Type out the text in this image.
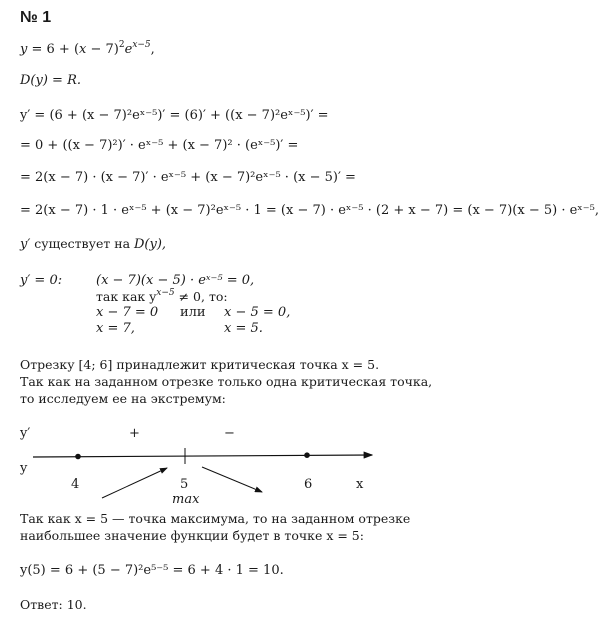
№ 1
$y = 6 + (x - 7)^2e^{x-5}$,
D(y) = R.
y′ = (6 + (x − 7)²eˣ⁻⁵)′ = (6)′ + ((x − 7)²eˣ⁻⁵)′ =
= 0 + ((x − 7)²)′ · eˣ⁻⁵ + (x − 7)² · (eˣ⁻⁵)′ =
= 2(x − 7) · (x − 7)′ · eˣ⁻⁵ + (x − 7)²eˣ⁻⁵ · (x − 5)′ =
= 2(x − 7) · 1 · eˣ⁻⁵ + (x − 7)²eˣ⁻⁵ · 1 = (x − 7) · eˣ⁻⁵ · (2 + x − 7) = (x − 7)(x − 5) · eˣ⁻⁵,
y′ существует на D(y),
y′ = 0:	(x − 7)(x − 5) · eˣ⁻⁵ = 0,
так как $y^{x-5} \ne 0$, то:
x − 7 = 0 или x − 5 = 0,
x = 7,	x = 5.
Отрезку [4; 6] принадлежит критическая точка x = 5.
Так как на заданном отрезке только одна критическая точка,
то исследуем ее на экстремум:
y′
y
+	−
4	5	6	x
max
Так как x = 5 — точка максимума, то на заданном отрезке
наибольшее значение функции будет в точке x = 5:
y(5) = 6 + (5 − 7)²e⁵⁻⁵ = 6 + 4 · 1 = 10.
Ответ: 10.
